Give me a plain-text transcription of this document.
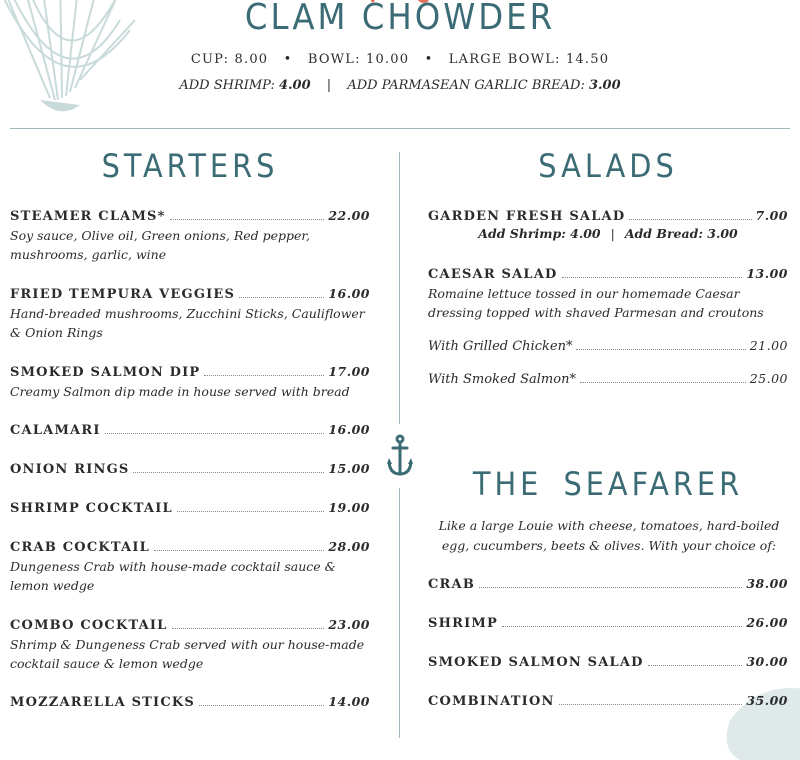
CLAM CHOWDER
CUP: 8.00 • BOWL: 10.00 • LARGE BOWL: 14.50
ADD SHRIMP: 4.00 | ADD PARMASEAN GARLIC BREAD: 3.00
STARTERS
STEAMER CLAMS*	22.00
Soy sauce, Olive oil, Green onions, Red pepper, mushrooms, garlic, wine
FRIED TEMPURA VEGGIES	16.00
Hand-breaded mushrooms, Zucchini Sticks, Cauliflower & Onion Rings
SMOKED SALMON DIP	17.00
Creamy Salmon dip made in house served with bread
CALAMARI	16.00
ONION RINGS	15.00
SHRIMP COCKTAIL	19.00
CRAB COCKTAIL	28.00
Dungeness Crab with house-made cocktail sauce & lemon wedge
COMBO COCKTAIL	23.00
Shrimp & Dungeness Crab served with our house-made cocktail sauce & lemon wedge
MOZZARELLA STICKS	14.00
SALADS
GARDEN FRESH SALAD	7.00
Add Shrimp: 4.00 | Add Bread: 3.00
CAESAR SALAD	13.00
Romaine lettuce tossed in our homemade Caesar dressing topped with shaved Parmesan and croutons
With Grilled Chicken*	21.00
With Smoked Salmon*	25.00
THE SEAFARER
Like a large Louie with cheese, tomatoes, hard-boiled egg, cucumbers, beets & olives. With your choice of:
CRAB	38.00
SHRIMP	26.00
SMOKED SALMON SALAD	30.00
COMBINATION	35.00
